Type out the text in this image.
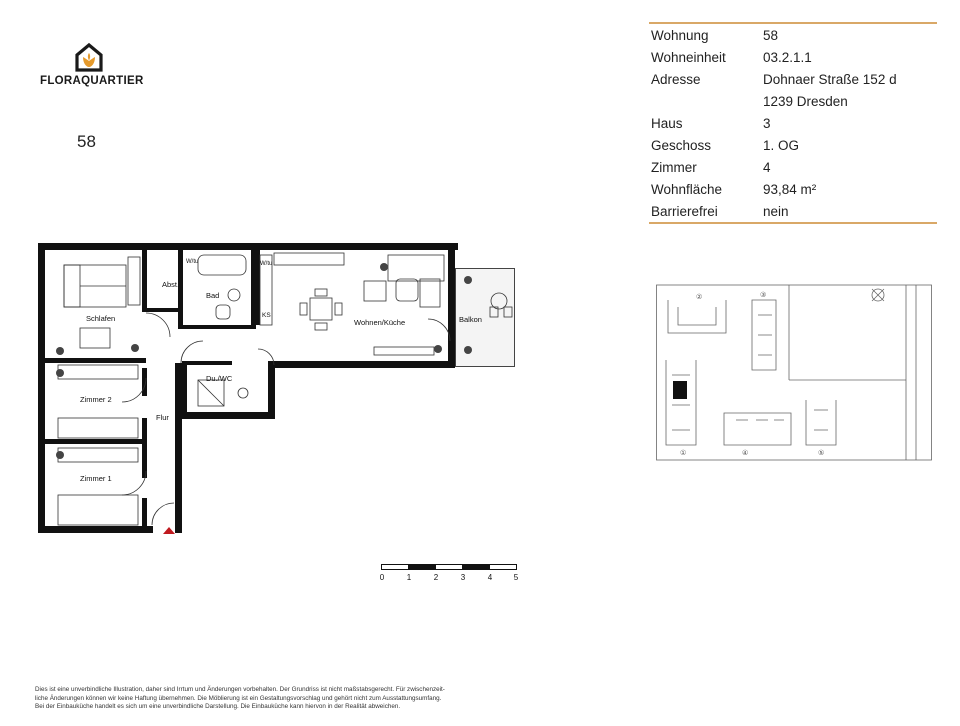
FLORAQUARTIER
58
Wohnung	58
Wohneinheit	03.2.1.1
Adresse	Dohnaer Straße 152 d
1239 Dresden
Haus	3
Geschoss	1. OG
Zimmer	4
Wohnfläche	93,84 m²
Barrierefrei	nein
Schlafen
Abst.
Bad
W/tu	W/tu
KS
Wohnen/Küche	Balkon
Zimmer 2
Flur
Du./WC
Zimmer 1
0	1	2	3	4	5
②	③
①	④	⑤
Dies ist eine unverbindliche Illustration, daher sind Irrtum und Änderungen vorbehalten. Der Grundriss ist nicht maßstabsgerecht. Für zwischenzeit-
liche Änderungen können wir keine Haftung übernehmen. Die Möblierung ist ein Gestaltungsvorschlag und gehört nicht zum Ausstattungsumfang.
Bei der Einbauküche handelt es sich um eine unverbindliche Darstellung. Die Einbauküche kann hiervon in der Realität abweichen.
